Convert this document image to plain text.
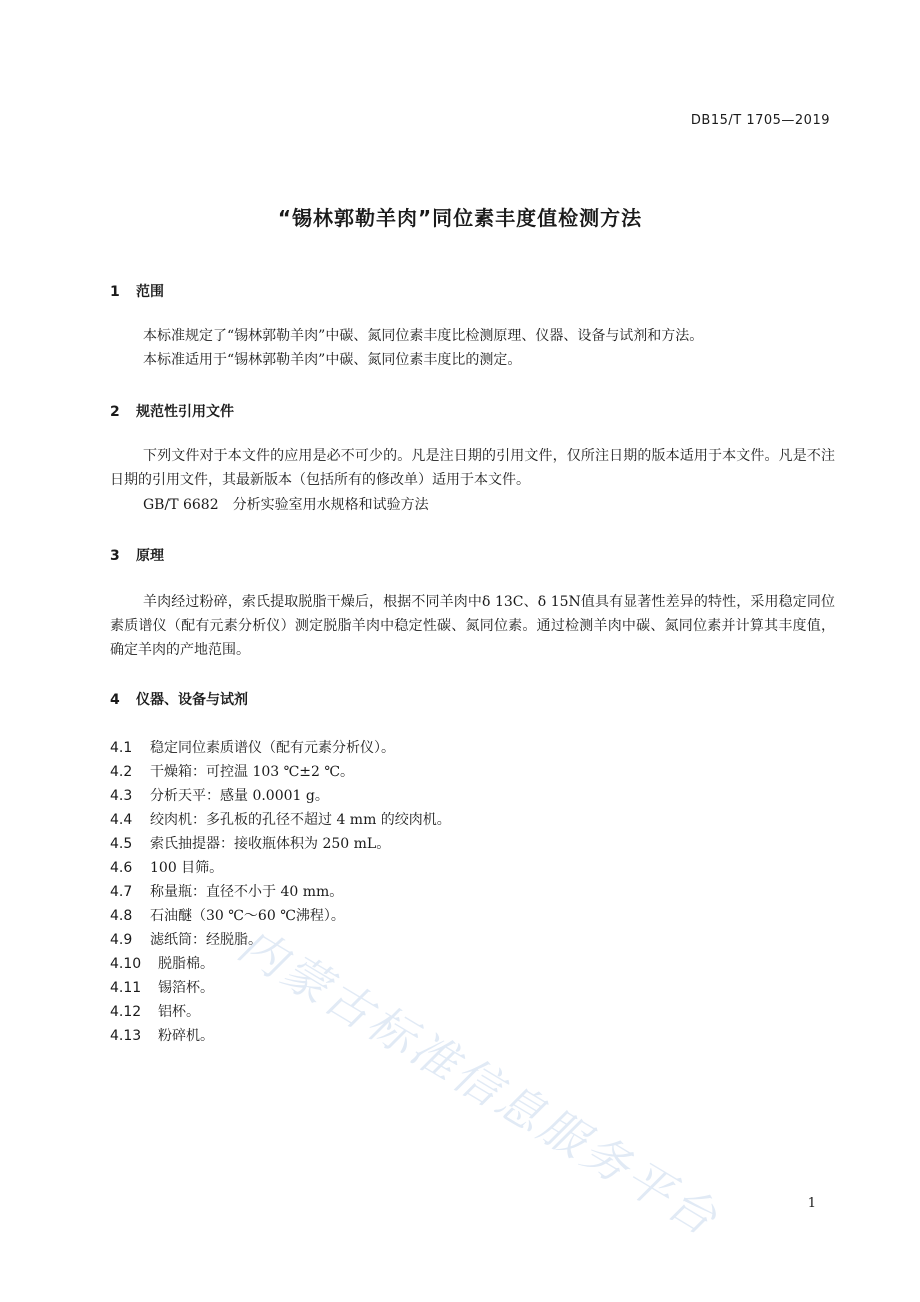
DB15/T 1705—2019
“锡林郭勒羊肉”同位素丰度值检测方法
1 范围
本标准规定了“锡林郭勒羊肉”中碳、氮同位素丰度比检测原理、仪器、设备与试剂和方法。
本标准适用于“锡林郭勒羊肉”中碳、氮同位素丰度比的测定。
2 规范性引用文件
下列文件对于本文件的应用是必不可少的。凡是注日期的引用文件，仅所注日期的版本适用于本文件。凡是不注日期的引用文件，其最新版本（包括所有的修改单）适用于本文件。
GB/T 6682 分析实验室用水规格和试验方法
3 原理
羊肉经过粉碎，索氏提取脱脂干燥后，根据不同羊肉中δ 13C、δ 15N值具有显著性差异的特性，采用稳定同位素质谱仪（配有元素分析仪）测定脱脂羊肉中稳定性碳、氮同位素。通过检测羊肉中碳、氮同位素并计算其丰度值，确定羊肉的产地范围。
4 仪器、设备与试剂
4.1 稳定同位素质谱仪（配有元素分析仪）。
4.2 干燥箱：可控温 103 ℃±2 ℃。
4.3 分析天平：感量 0.0001 g。
4.4 绞肉机：多孔板的孔径不超过 4 mm 的绞肉机。
4.5 索氏抽提器：接收瓶体积为 250 mL。
4.6 100 目筛。
4.7 称量瓶：直径不小于 40 mm。
4.8 石油醚（30 ℃～60 ℃沸程）。
4.9 滤纸筒：经脱脂。
4.10 脱脂棉。
4.11 锡箔杯。
4.12 铝杯。
4.13 粉碎机。 内蒙古标准信息服务平台	1
